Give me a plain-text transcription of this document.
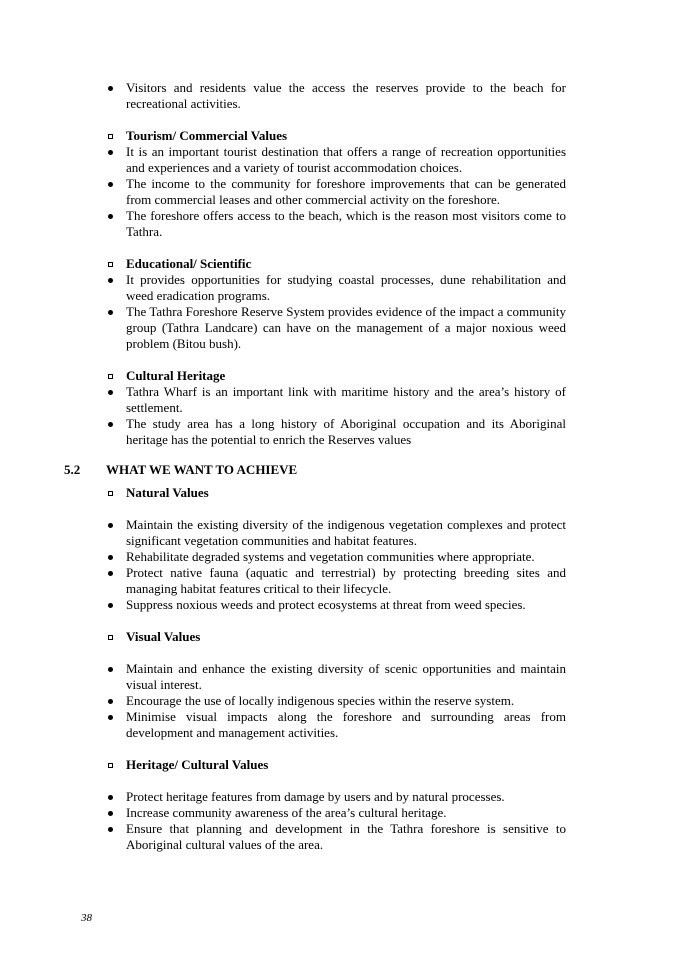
Visitors and residents value the access the reserves provide to the beach for recreational activities.
Tourism/ Commercial Values
It is an important tourist destination that offers a range of recreation opportunities and experiences and a variety of tourist accommodation choices.
The income to the community for foreshore improvements that can be generated from commercial leases and other commercial activity on the foreshore.
The foreshore offers access to the beach, which is the reason most visitors come to Tathra.
Educational/ Scientific
It provides opportunities for studying coastal processes, dune rehabilitation and weed eradication programs.
The Tathra Foreshore Reserve System provides evidence of the impact a community group (Tathra Landcare) can have on the management of a major noxious weed problem (Bitou bush).
Cultural Heritage
Tathra Wharf is an important link with maritime history and the area’s history of settlement.
The study area has a long history of Aboriginal occupation and its Aboriginal heritage has the potential to enrich the Reserves values
5.2 WHAT WE WANT TO ACHIEVE
Natural Values
Maintain the existing diversity of the indigenous vegetation complexes and protect significant vegetation communities and habitat features.
Rehabilitate degraded systems and vegetation communities where appropriate.
Protect native fauna (aquatic and terrestrial) by protecting breeding sites and managing habitat features critical to their lifecycle.
Suppress noxious weeds and protect ecosystems at threat from weed species.
Visual Values
Maintain and enhance the existing diversity of scenic opportunities and maintain visual interest.
Encourage the use of locally indigenous species within the reserve system.
Minimise visual impacts along the foreshore and surrounding areas from development and management activities.
Heritage/ Cultural Values
Protect heritage features from damage by users and by natural processes.
Increase community awareness of the area’s cultural heritage.
Ensure that planning and development in the Tathra foreshore is sensitive to Aboriginal cultural values of the area.
38
